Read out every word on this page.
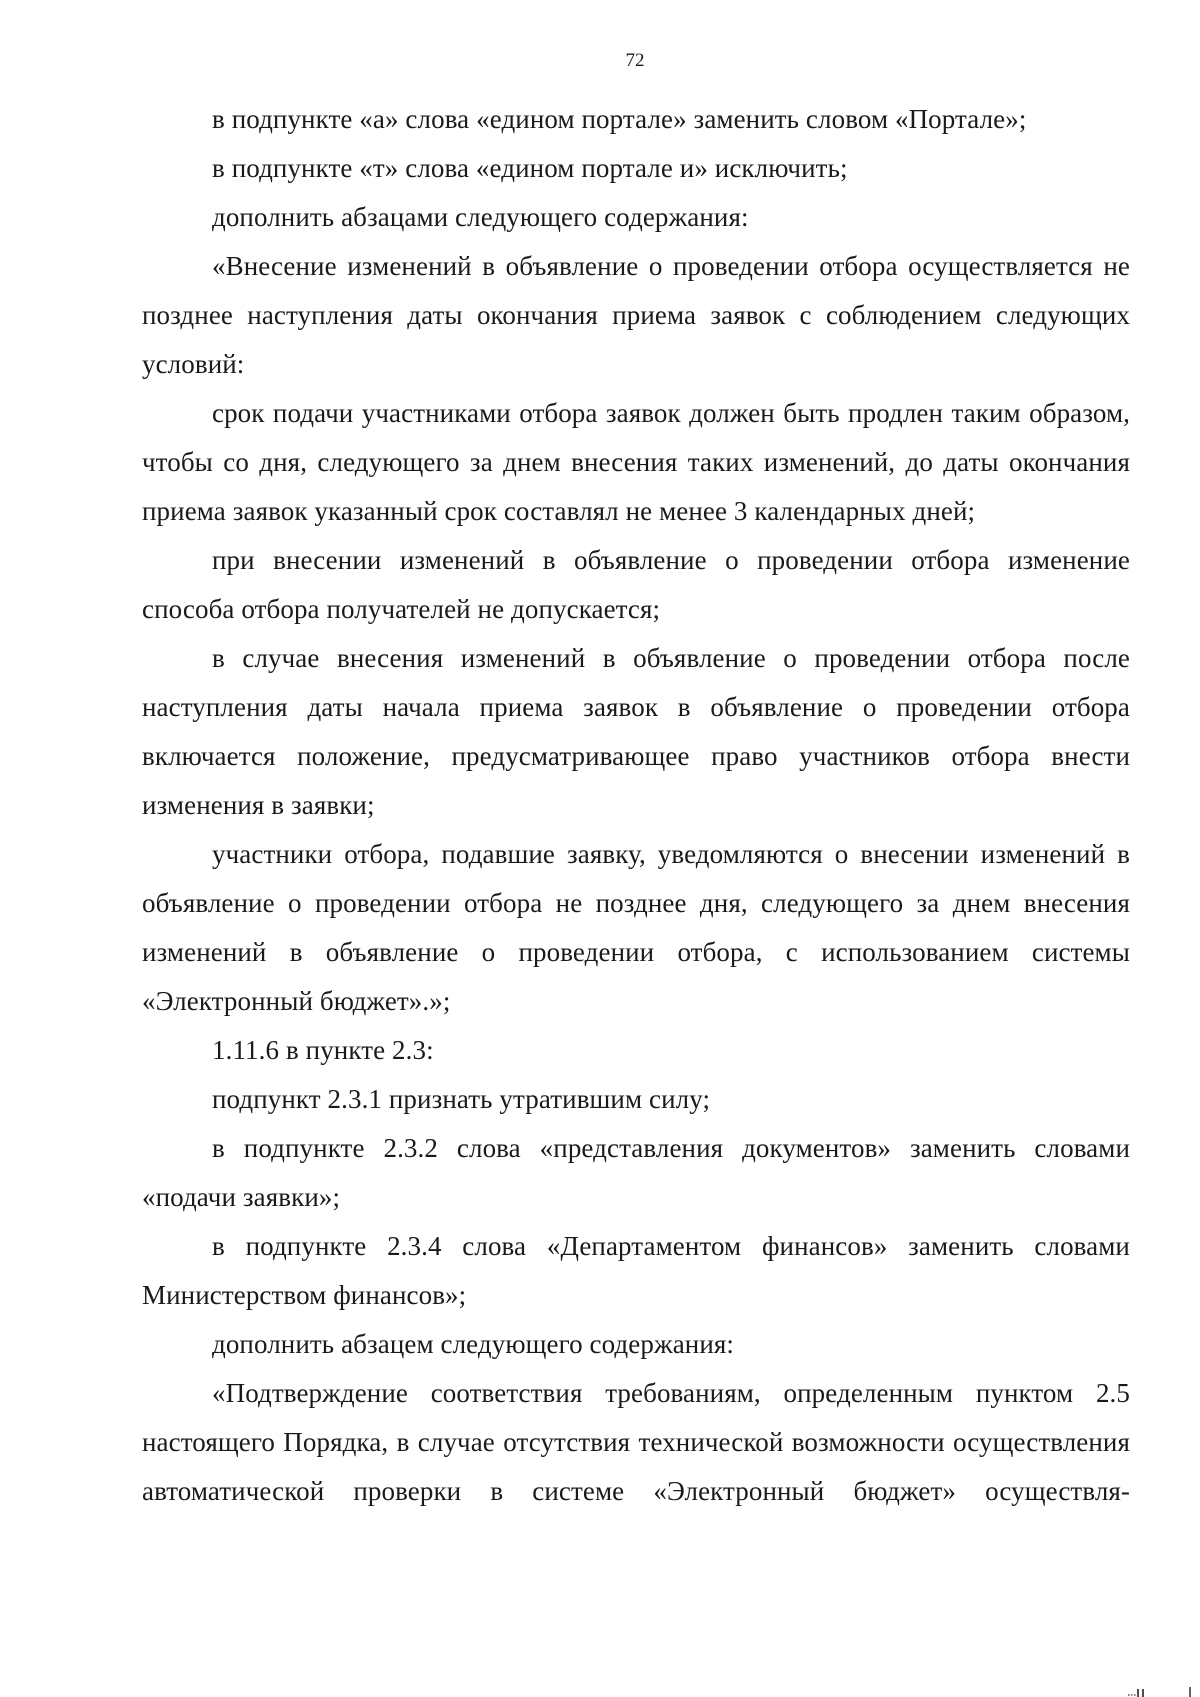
72

в подпункте «а» слова «едином портале» заменить словом «Портале»;

в подпункте «т» слова «едином портале и» исключить;

дополнить абзацами следующего содержания:

«Внесение изменений в объявление о проведении отбора осуществляется не позднее наступления даты окончания приема заявок с соблюдением следующих условий:

срок подачи участниками отбора заявок должен быть продлен таким образом, чтобы со дня, следующего за днем внесения таких изменений, до даты окончания приема заявок указанный срок составлял не менее 3 календарных дней;

при внесении изменений в объявление о проведении отбора изменение способа отбора получателей не допускается;

в случае внесения изменений в объявление о проведении отбора после наступления даты начала приема заявок в объявление о проведении отбора включается положение, предусматривающее право участников отбора внести изменения в заявки;

участники отбора, подавшие заявку, уведомляются о внесении изменений в объявление о проведении отбора не позднее дня, следующего за днем внесения изменений в объявление о проведении отбора, с использованием системы «Электронный бюджет».»;

1.11.6 в пункте 2.3:

подпункт 2.3.1 признать утратившим силу;

в подпункте 2.3.2 слова «представления документов» заменить словами «подачи заявки»;

в подпункте 2.3.4 слова «Департаментом финансов» заменить словами Министерством финансов»;

дополнить абзацем следующего содержания:

«Подтверждение соответствия требованиям, определенным пунктом 2.5 настоящего Порядка, в случае отсутствия технической возможности осуществления автоматической проверки в системе «Электронный бюджет» осуществля-
